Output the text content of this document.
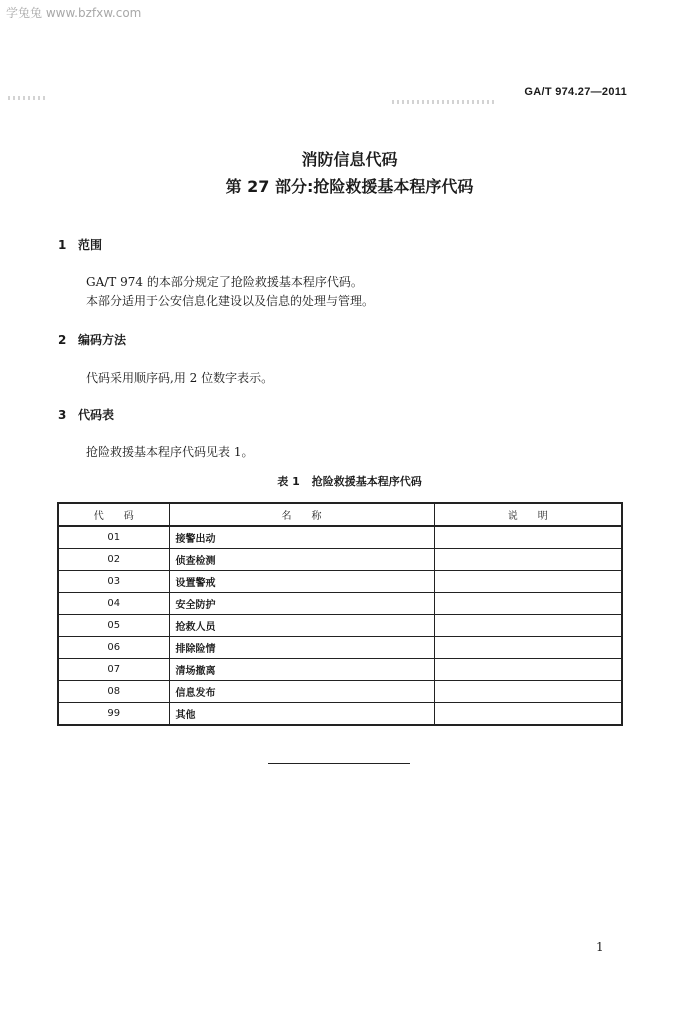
学兔兔 www.bzfxw.com
GA/T 974.27—2011
消防信息代码
第 27 部分:抢险救援基本程序代码
1 范围
GA/T 974 的本部分规定了抢险救援基本程序代码。
本部分适用于公安信息化建设以及信息的处理与管理。
2 编码方法
代码采用顺序码,用 2 位数字表示。
3 代码表
抢险救援基本程序代码见表 1。
表 1 抢险救援基本程序代码
代　　码	名　　称	说　　明
01	接警出动	
02	侦查检测	
03	设置警戒	
04	安全防护	
05	抢救人员	
06	排除险情	
07	清场撤离	
08	信息发布	
99	其他	
1
